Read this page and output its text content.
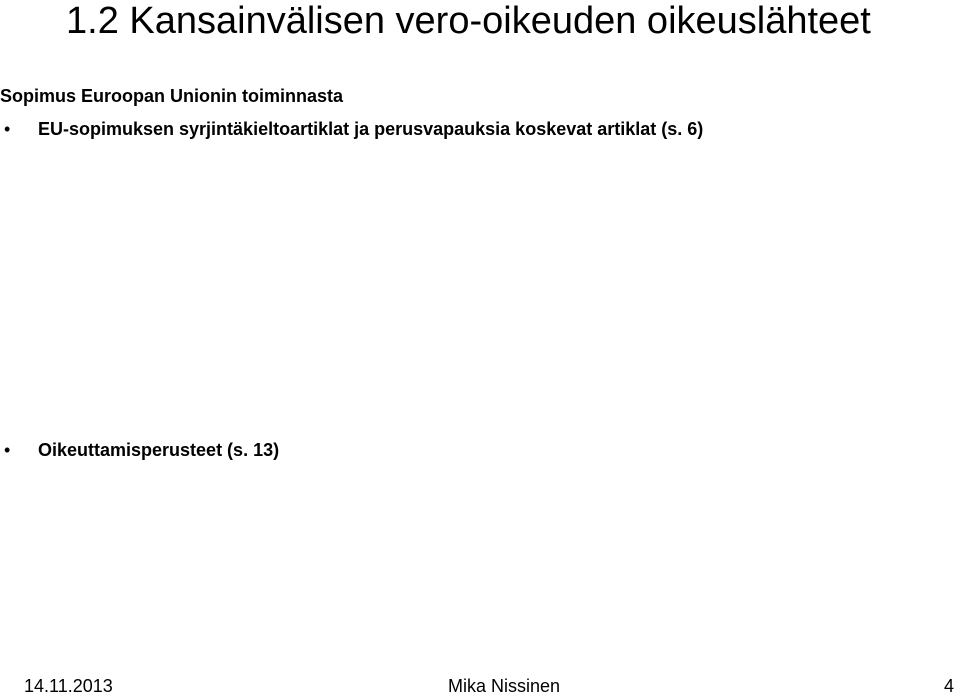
1.2 Kansainvälisen vero-oikeuden oikeuslähteet
Sopimus Euroopan Unionin toiminnasta
•	EU-sopimuksen syrjintäkieltoartiklat ja perusvapauksia koskevat artiklat (s. 6)
•	Oikeuttamisperusteet (s. 13)
14.11.2013	Mika Nissinen	4
